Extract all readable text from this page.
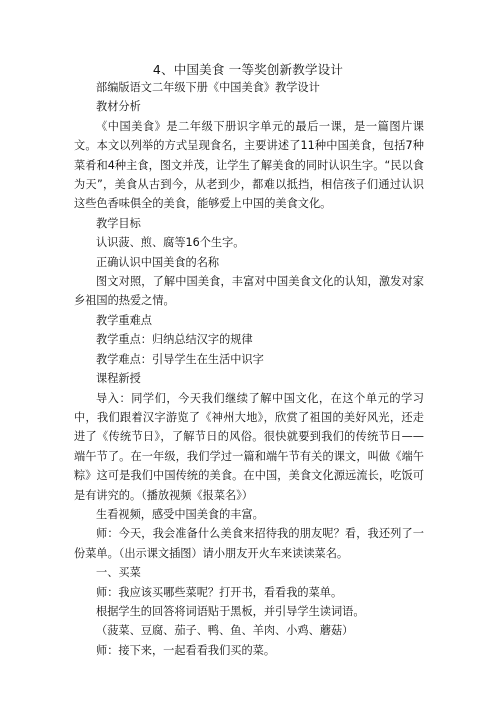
4、中国美食 一等奖创新教学设计

部编版语文二年级下册《中国美食》教学设计

教材分析

《中国美食》是二年级下册识字单元的最后一课，是一篇图片课文。本文以列举的方式呈现食名，主要讲述了11种中国美食，包括7种菜肴和4种主食，图文并茂，让学生了解美食的同时认识生字。“民以食为天”，美食从古到今，从老到少，都难以抵挡，相信孩子们通过认识这些色香味俱全的美食，能够爱上中国的美食文化。

教学目标

认识菠、煎、腐等16个生字。

正确认识中国美食的名称

图文对照，了解中国美食，丰富对中国美食文化的认知，激发对家乡祖国的热爱之情。

教学重难点

教学重点：归纳总结汉字的规律

教学难点：引导学生在生活中识字

课程新授

导入：同学们，今天我们继续了解中国文化，在这个单元的学习中，我们跟着汉字游览了《神州大地》，欣赏了祖国的美好风光，还走进了《传统节日》，了解节日的风俗。很快就要到我们的传统节日——端午节了。在一年级，我们学过一篇和端午节有关的课文，叫做《端午粽》这可是我们中国传统的美食。在中国，美食文化源远流长，吃饭可是有讲究的。（播放视频《报菜名》）

生看视频，感受中国美食的丰富。

师：今天，我会准备什么美食来招待我的朋友呢？看，我还列了一份菜单。（出示课文插图）请小朋友开火车来读读菜名。

一、买菜

师：我应该买哪些菜呢？打开书，看看我的菜单。

根据学生的回答将词语贴于黑板，并引导学生读词语。

（菠菜、豆腐、茄子、鸭、鱼、羊肉、小鸡、蘑菇）

师：接下来，一起看看我们买的菜。
